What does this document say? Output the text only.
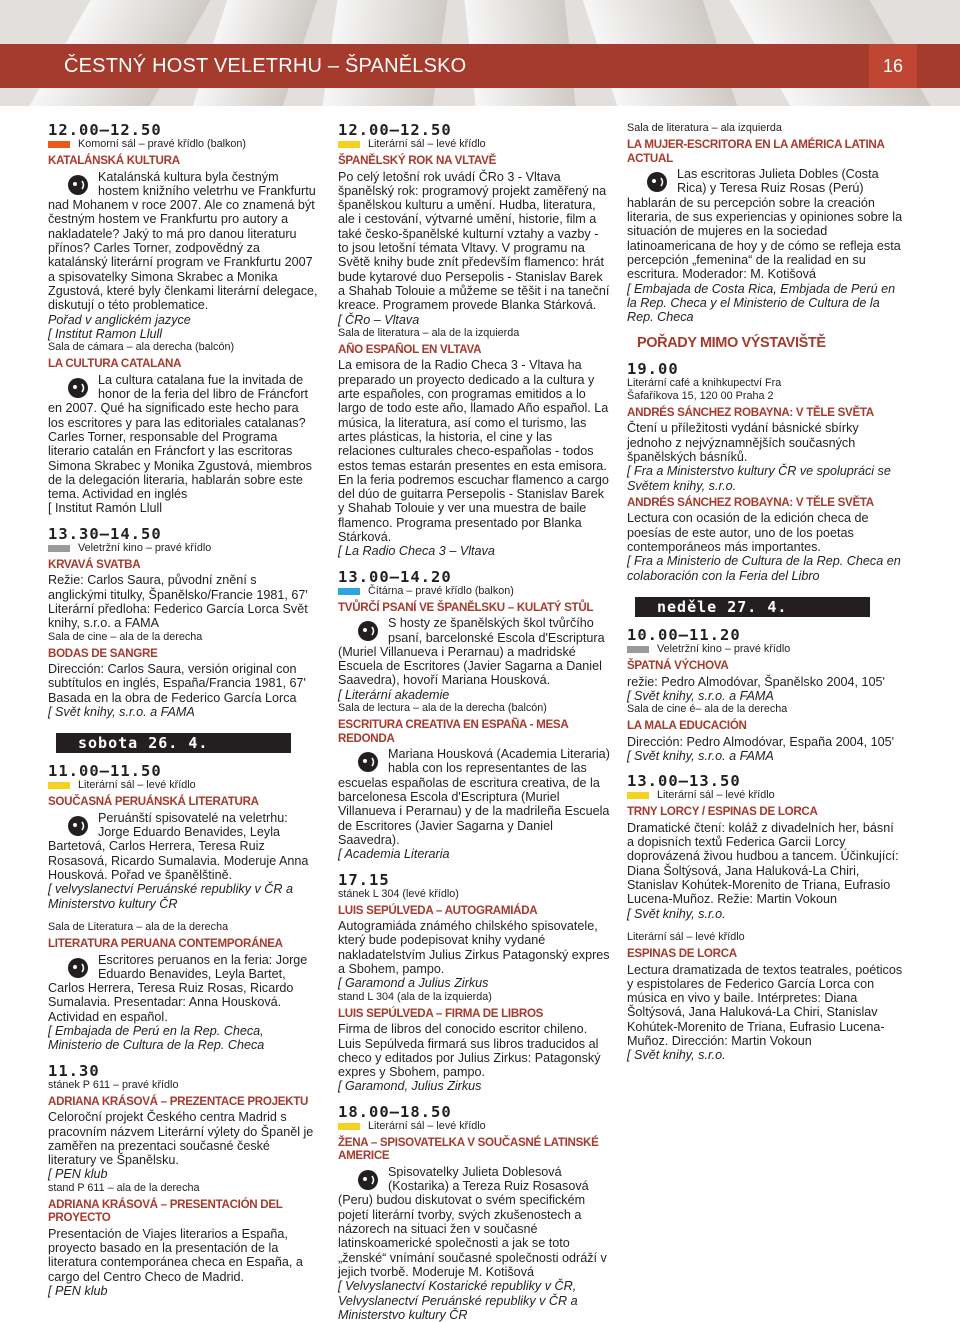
ČESTNÝ HOST VELETRHU – ŠPANĚLSKO	16
12.00–12.50
Komorní sál – pravé křídlo (balkon)
KATALÁNSKÁ KULTURA
Katalánská kultura byla čestným hostem knižního veletrhu ve Frankfurtu nad Mohanem v roce 2007. Ale co znamená být čestným hostem ve Frankfurtu pro autory a nakladatele? Jaký to má pro danou literaturu přínos? Carles Torner, zodpovědný za katalánský literární program ve Frankfurtu 2007 a spisovatelky Simona Skrabec a Monika Zgustová, které byly členkami literární delegace, diskutují o této problematice.
Pořad v anglickém jazyce
[ Institut Ramon Llull
Sala de cámara – ala derecha (balcón)
LA CULTURA CATALANA
La cultura catalana fue la invitada de honor de la feria del libro de Fráncfort en 2007. Qué ha significado este hecho para los escritores y para las editoriales catalanas? Carles Torner, responsable del Programa literario catalán en Fráncfort y las escritoras Simona Skrabec y Monika Zgustová, miembros de la delegación literaria, hablarán sobre este tema. Actividad en inglés
[ Institut Ramón Llull
13.30–14.50
Veletržní kino – pravé křídlo
KRVAVÁ SVATBA
Režie: Carlos Saura, původní znění s anglickými titulky, Španělsko/Francie 1981, 67' Literární předloha: Federico García Lorca Svět knihy, s.r.o. a FAMA
Sala de cine – ala de la derecha
BODAS DE SANGRE
Dirección: Carlos Saura, versión original con subtítulos en inglés, España/Francia 1981, 67' Basada en la obra de Federico García Lorca
[ Svět knihy, s.r.o. a FAMA
sobota 26. 4.
11.00–11.50
Literární sál – levé křídlo
SOUČASNÁ PERUÁNSKÁ LITERATURA
Peruánští spisovatelé na veletrhu: Jorge Eduardo Benavides, Leyla Bartetová, Carlos Herrera, Teresa Ruiz Rosasová, Ricardo Sumalavia. Moderuje Anna Housková. Pořad ve španělštině.
[ velvyslanectví Peruánské republiky v ČR a Ministerstvo kultury ČR
Sala de Literatura – ala de la derecha
LITERATURA PERUANA CONTEMPORÁNEA
Escritores peruanos en la feria: Jorge Eduardo Benavides, Leyla Bartet, Carlos Herrera, Teresa Ruiz Rosas, Ricardo Sumalavia. Presentadar: Anna Housková. Actividad en español.
[ Embajada de Perú en la Rep. Checa, Ministerio de Cultura de la Rep. Checa
11.30
stánek P 611 – pravé křídlo
ADRIANA KRÁSOVÁ – PREZENTACE PROJEKTU
Celoroční projekt Českého centra Madrid s pracovním názvem Literární výlety do Španěl je zaměřen na prezentaci současné české literatury ve Španělsku.
[ PEN klub
stand P 611 – ala de la derecha
ADRIANA KRÁSOVÁ – PRESENTACIÓN DEL PROYECTO
Presentación de Viajes literarios a España, proyecto basado en la presentación de la literatura contemporánea checa en España, a cargo del Centro Checo de Madrid.
[ PEN klub
12.00–12.50
Literární sál – levé křídlo
ŠPANĚLSKÝ ROK NA VLTAVĚ
Po celý letošní rok uvádí ČRo 3 - Vltava španělský rok: programový projekt zaměřený na španělskou kulturu a umění. Hudba, literatura, ale i cestování, výtvarné umění, historie, film a také česko-španělské kulturní vztahy a vazby - to jsou letošní témata Vltavy. V programu na Světě knihy bude znít především flamenco: hrát bude kytarové duo Persepolis - Stanislav Barek a Shahab Tolouie a můžeme se těšit i na taneční kreace. Programem provede Blanka Stárková.
[ ČRo – Vltava
Sala de literatura – ala de la izquierda
AÑO ESPAÑOL EN VLTAVA
La emisora de la Radio Checa 3 - Vltava ha preparado un proyecto dedicado a la cultura y arte españoles, con programas emitidos a lo largo de todo este año, llamado Año español. La música, la literatura, así como el turismo, las artes plásticas, la historia, el cine y las relaciones culturales checo-españolas - todos estos temas estarán presentes en esta emisora. En la feria podremos escuchar flamenco a cargo del dúo de guitarra Persepolis - Stanislav Barek y Shahab Tolouie y ver una muestra de baile flamenco. Programa presentado por Blanka Stárková.
[ La Radio Checa 3 – Vltava
13.00–14.20
Čítárna – pravé křídlo (balkon)
TVŮRČÍ PSANÍ VE ŠPANĚLSKU – KULATÝ STŮL
S hosty ze španělských škol tvůrčího psaní, barcelonské Escola d'Escriptura (Muriel Villanueva i Perarnau) a madridské Escuela de Escritores (Javier Sagarna a Daniel Saavedra), hovoří Mariana Housková.
[ Literární akademie
Sala de lectura – ala de la derecha (balcón)
ESCRITURA CREATIVA EN ESPAÑA - MESA REDONDA
Mariana Housková (Academia Literaria) habla con los representantes de las escuelas españolas de escritura creativa, de la barcelonesa Escola d'Escriptura (Muriel Villanueva i Perarnau) y de la madrileña Escuela de Escritores (Javier Sagarna y Daniel Saavedra).
[ Academia Literaria
17.15
stánek L 304 (levé křídlo)
LUIS SEPÚLVEDA – AUTOGRAMIÁDA
Autogramiáda známého chilského spisovatele, který bude podepisovat knihy vydané nakladatelstvím Julius Zirkus Patagonský expres a Sbohem, pampo.
[ Garamond a Julius Zirkus
stand L 304 (ala de la izquierda)
LUIS SEPÚLVEDA – FIRMA DE LIBROS
Firma de libros del conocido escritor chileno. Luis Sepúlveda firmará sus libros traducidos al checo y editados por Julius Zirkus: Patagonský expres y Sbohem, pampo.
[ Garamond, Julius Zirkus
18.00–18.50
Literární sál – levé křídlo
ŽENA – SPISOVATELKA V SOUČASNÉ LATINSKÉ AMERICE
Spisovatelky Julieta Doblesová (Kostarika) a Tereza Ruiz Rosasová (Peru) budou diskutovat o svém specifickém pojetí literární tvorby, svých zkušenostech a názorech na situaci žen v současné latinskoamerické společnosti a jak se toto „ženské“ vnímání současné společnosti odráží v jejich tvorbě. Moderuje M. Kotišová
[ Velvyslanectví Kostarické republiky v ČR, Velvyslanectví Peruánské republiky v ČR a Ministerstvo kultury ČR
Sala de literatura – ala izquierda
LA MUJER-ESCRITORA EN LA AMÉRICA LATINA ACTUAL
Las escritoras Julieta Dobles (Costa Rica) y Teresa Ruiz Rosas (Perú) hablarán de su percepción sobre la creación literaria, de sus experiencias y opiniones sobre la situación de mujeres en la sociedad latinoamericana de hoy y de cómo se refleja esta percepción „femenina“ de la realidad en su escritura. Moderador: M. Kotišová
[ Embajada de Costa Rica, Embjada de Perú en la Rep. Checa y el Ministerio de Cultura de la Rep. Checa
POŘADY MIMO VÝSTAVIŠTĚ
19.00
Literární café a knihkupectví Fra
Šafaříkova 15, 120 00 Praha 2
ANDRÉS SÁNCHEZ ROBAYNA: V TĚLE SVĚTA
Čtení u příležitosti vydání básnické sbírky jednoho z nejvýznamnějších současných španělských básníků.
[ Fra a Ministerstvo kultury ČR ve spolupráci se Světem knihy, s.r.o.
ANDRÉS SÁNCHEZ ROBAYNA: V TĚLE SVĚTA
Lectura con ocasión de la edición checa de poesías de este autor, uno de los poetas contemporáneos más importantes.
[ Fra a Ministerio de Cultura de la Rep. Checa en colaboración con la Feria del Libro
neděle 27. 4.
10.00–11.20
Veletržní kino – pravé křídlo
ŠPATNÁ VÝCHOVA
režie: Pedro Almodóvar, Španělsko 2004, 105'
[ Svět knihy, s.r.o. a FAMA
Sala de cine é– ala de la derecha
LA MALA EDUCACIÓN
Dirección: Pedro Almodóvar, España 2004, 105'
[ Svět knihy, s.r.o. a FAMA
13.00–13.50
Literární sál – levé křídlo
TRNY LORCY / ESPINAS DE LORCA
Dramatické čtení: koláž z divadelních her, básní a dopisních textů Federica Garcii Lorcy doprovázená živou hudbou a tancem. Účinkující: Diana Šoltýsová, Jana Haluková-La Chiri, Stanislav Kohútek-Morenito de Triana, Eufrasio Lucena-Muñoz. Režie: Martin Vokoun
[ Svět knihy, s.r.o.
Literární sál – levé křídlo
ESPINAS DE LORCA
Lectura dramatizada de textos teatrales, poéticos y espistolares de Federico García Lorca con música en vivo y baile. Intérpretes: Diana Šoltýsová, Jana Haluková-La Chiri, Stanislav Kohútek-Morenito de Triana, Eufrasio Lucena-Muñoz. Dirección: Martin Vokoun
[ Svět knihy, s.r.o.
